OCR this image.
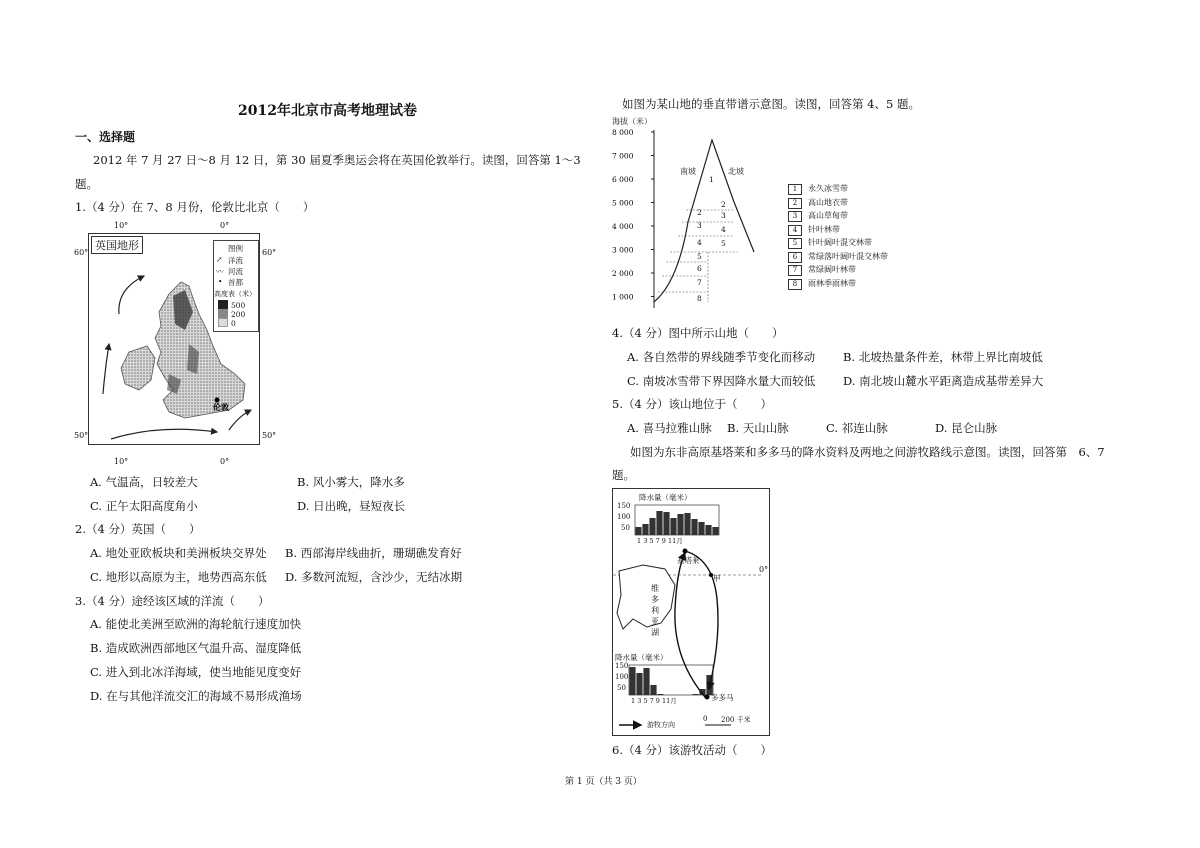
2012年北京市高考地理试卷
一、选择题
2012 年 7 月 27 日～8 月 12 日，第 30 届夏季奥运会将在英国伦敦举行。读图，回答第 1～3
题。
1.（4 分）在 7、8 月份，伦敦比北京（　　）
伦敦
英国地形	图例
↗ 洋流
〰 河流
• 首都
高度表（米）
500
200
0
10°	0°
10°	0°
60°	60°
50°	50°
A. 气温高，日较差大	B. 风小雾大，降水多
C. 正午太阳高度角小	D. 日出晚，昼短夜长
2.（4 分）英国（　　）
A. 地处亚欧板块和美洲板块交界处 B. 西部海岸线曲折，珊瑚礁发育好
C. 地形以高原为主，地势西高东低 D. 多数河流短，含沙少，无结冰期
3.（4 分）途经该区域的洋流（　　）
A. 能使北美洲至欧洲的海轮航行速度加快
B. 造成欧洲西部地区气温升高、湿度降低
C. 进入到北冰洋海域，使当地能见度变好
D. 在与其他洋流交汇的海域不易形成渔场
如图为某山地的垂直带谱示意图。读图，回答第 4、5 题。
8 000
7 000
6 000
5 000
4 000
3 000
2 000
1 000
1
2
2
3
3
4
4	5
5
6
7
8
海拔（米）
南坡	北坡
1 永久冰雪带
2 高山地衣带
3 高山草甸带
4 针叶林带
5 针叶阔叶混交林带
6 常绿落叶阔叶混交林带
7 常绿阔叶林带
8 雨林季雨林带
4.（4 分）图中所示山地（　　）
A. 各自然带的界线随季节变化而移动 B. 北坡热量条件差，林带上界比南坡低
C. 南坡冰雪带下界因降水量大而较低 D. 南北坡山麓水平距离造成基带差异大
5.（4 分）该山地位于（　　）
A. 喜马拉雅山脉 B. 天山山脉	C. 祁连山脉	D. 昆仑山脉
如图为东非高原基塔莱和多多马的降水资料及两地之间游牧路线示意图。读图，回答第　6、7
题。
降水量（毫米）
150
100
50
1 3 5 7 9 11月
基塔莱
甲
0°
维
多
利
亚
湖
降水量（毫米）
150
100
50
1 3 5 7 9 11月	多多马
游牧方向
0 200 千米
6.（4 分）该游牧活动（　　）
第 1 页（共 3 页）
